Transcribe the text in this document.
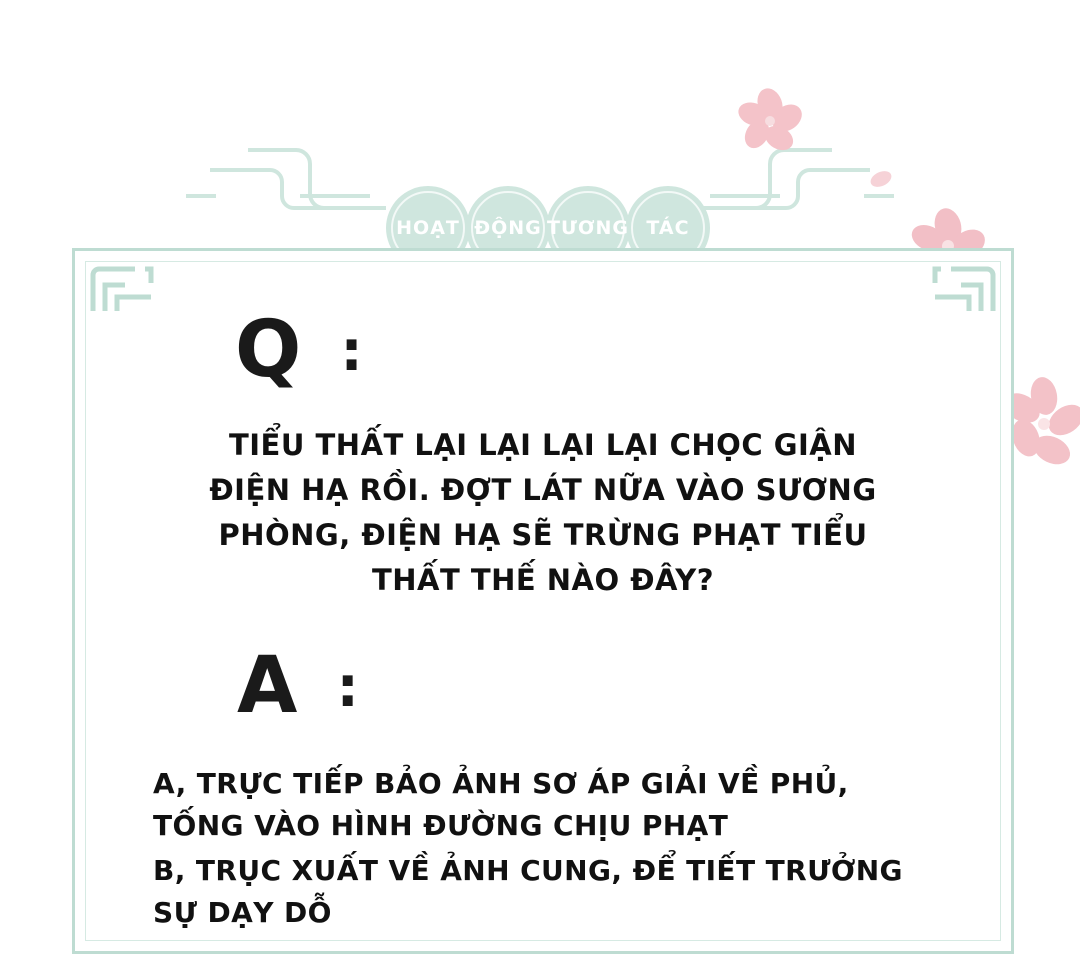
HOẠT ĐỘNG TƯƠNG TÁC
Q :
TIỂU THẤT LẠI LẠI LẠI LẠI CHỌC GIẬN ĐIỆN HẠ RỒI. ĐỢT LÁT NỮA VÀO SƯƠNG PHÒNG, ĐIỆN HẠ SẼ TRỪNG PHẠT TIỂU THẤT THẾ NÀO ĐÂY?
A :
A, TRỰC TIẾP BẢO ẢNH SƠ ÁP GIẢI VỀ PHỦ, TỐNG VÀO HÌNH ĐƯỜNG CHỊU PHẠT
B, TRỤC XUẤT VỀ ẢNH CUNG, ĐỂ TIẾT TRƯỞNG SỰ DẠY DỖ
